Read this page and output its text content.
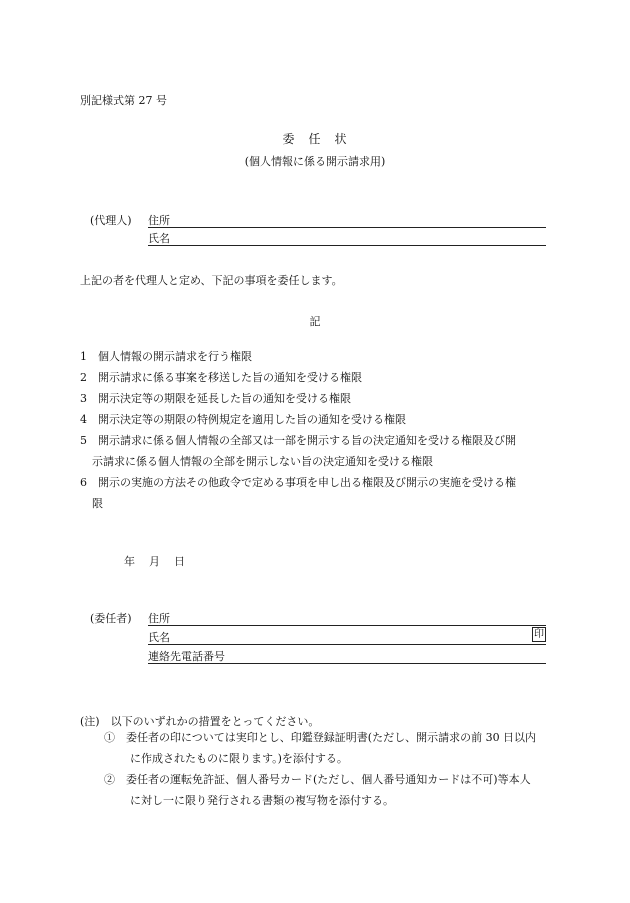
別記様式第 27 号
委　任　状
(個人情報に係る開示請求用)
(代理人) 住所
氏名
上記の者を代理人と定め、下記の事項を委任します。
記
1 個人情報の開示請求を行う権限
2 開示請求に係る事案を移送した旨の通知を受ける権限
3 開示決定等の期限を延長した旨の通知を受ける権限
4 開示決定等の期限の特例規定を適用した旨の通知を受ける権限
5 開示請求に係る個人情報の全部又は一部を開示する旨の決定通知を受ける権限及び開
示請求に係る個人情報の全部を開示しない旨の決定通知を受ける権限
6 開示の実施の方法その他政令で定める事項を申し出る権限及び開示の実施を受ける権
限
年 月 日
(委任者) 住所
氏名	印
連絡先電話番号
(注)　以下のいずれかの措置をとってください。
①　委任者の印については実印とし、印鑑登録証明書(ただし、開示請求の前 30 日以内
に作成されたものに限ります。)を添付する。
②　委任者の運転免許証、個人番号カード(ただし、個人番号通知カードは不可)等本人
に対し一に限り発行される書類の複写物を添付する。
